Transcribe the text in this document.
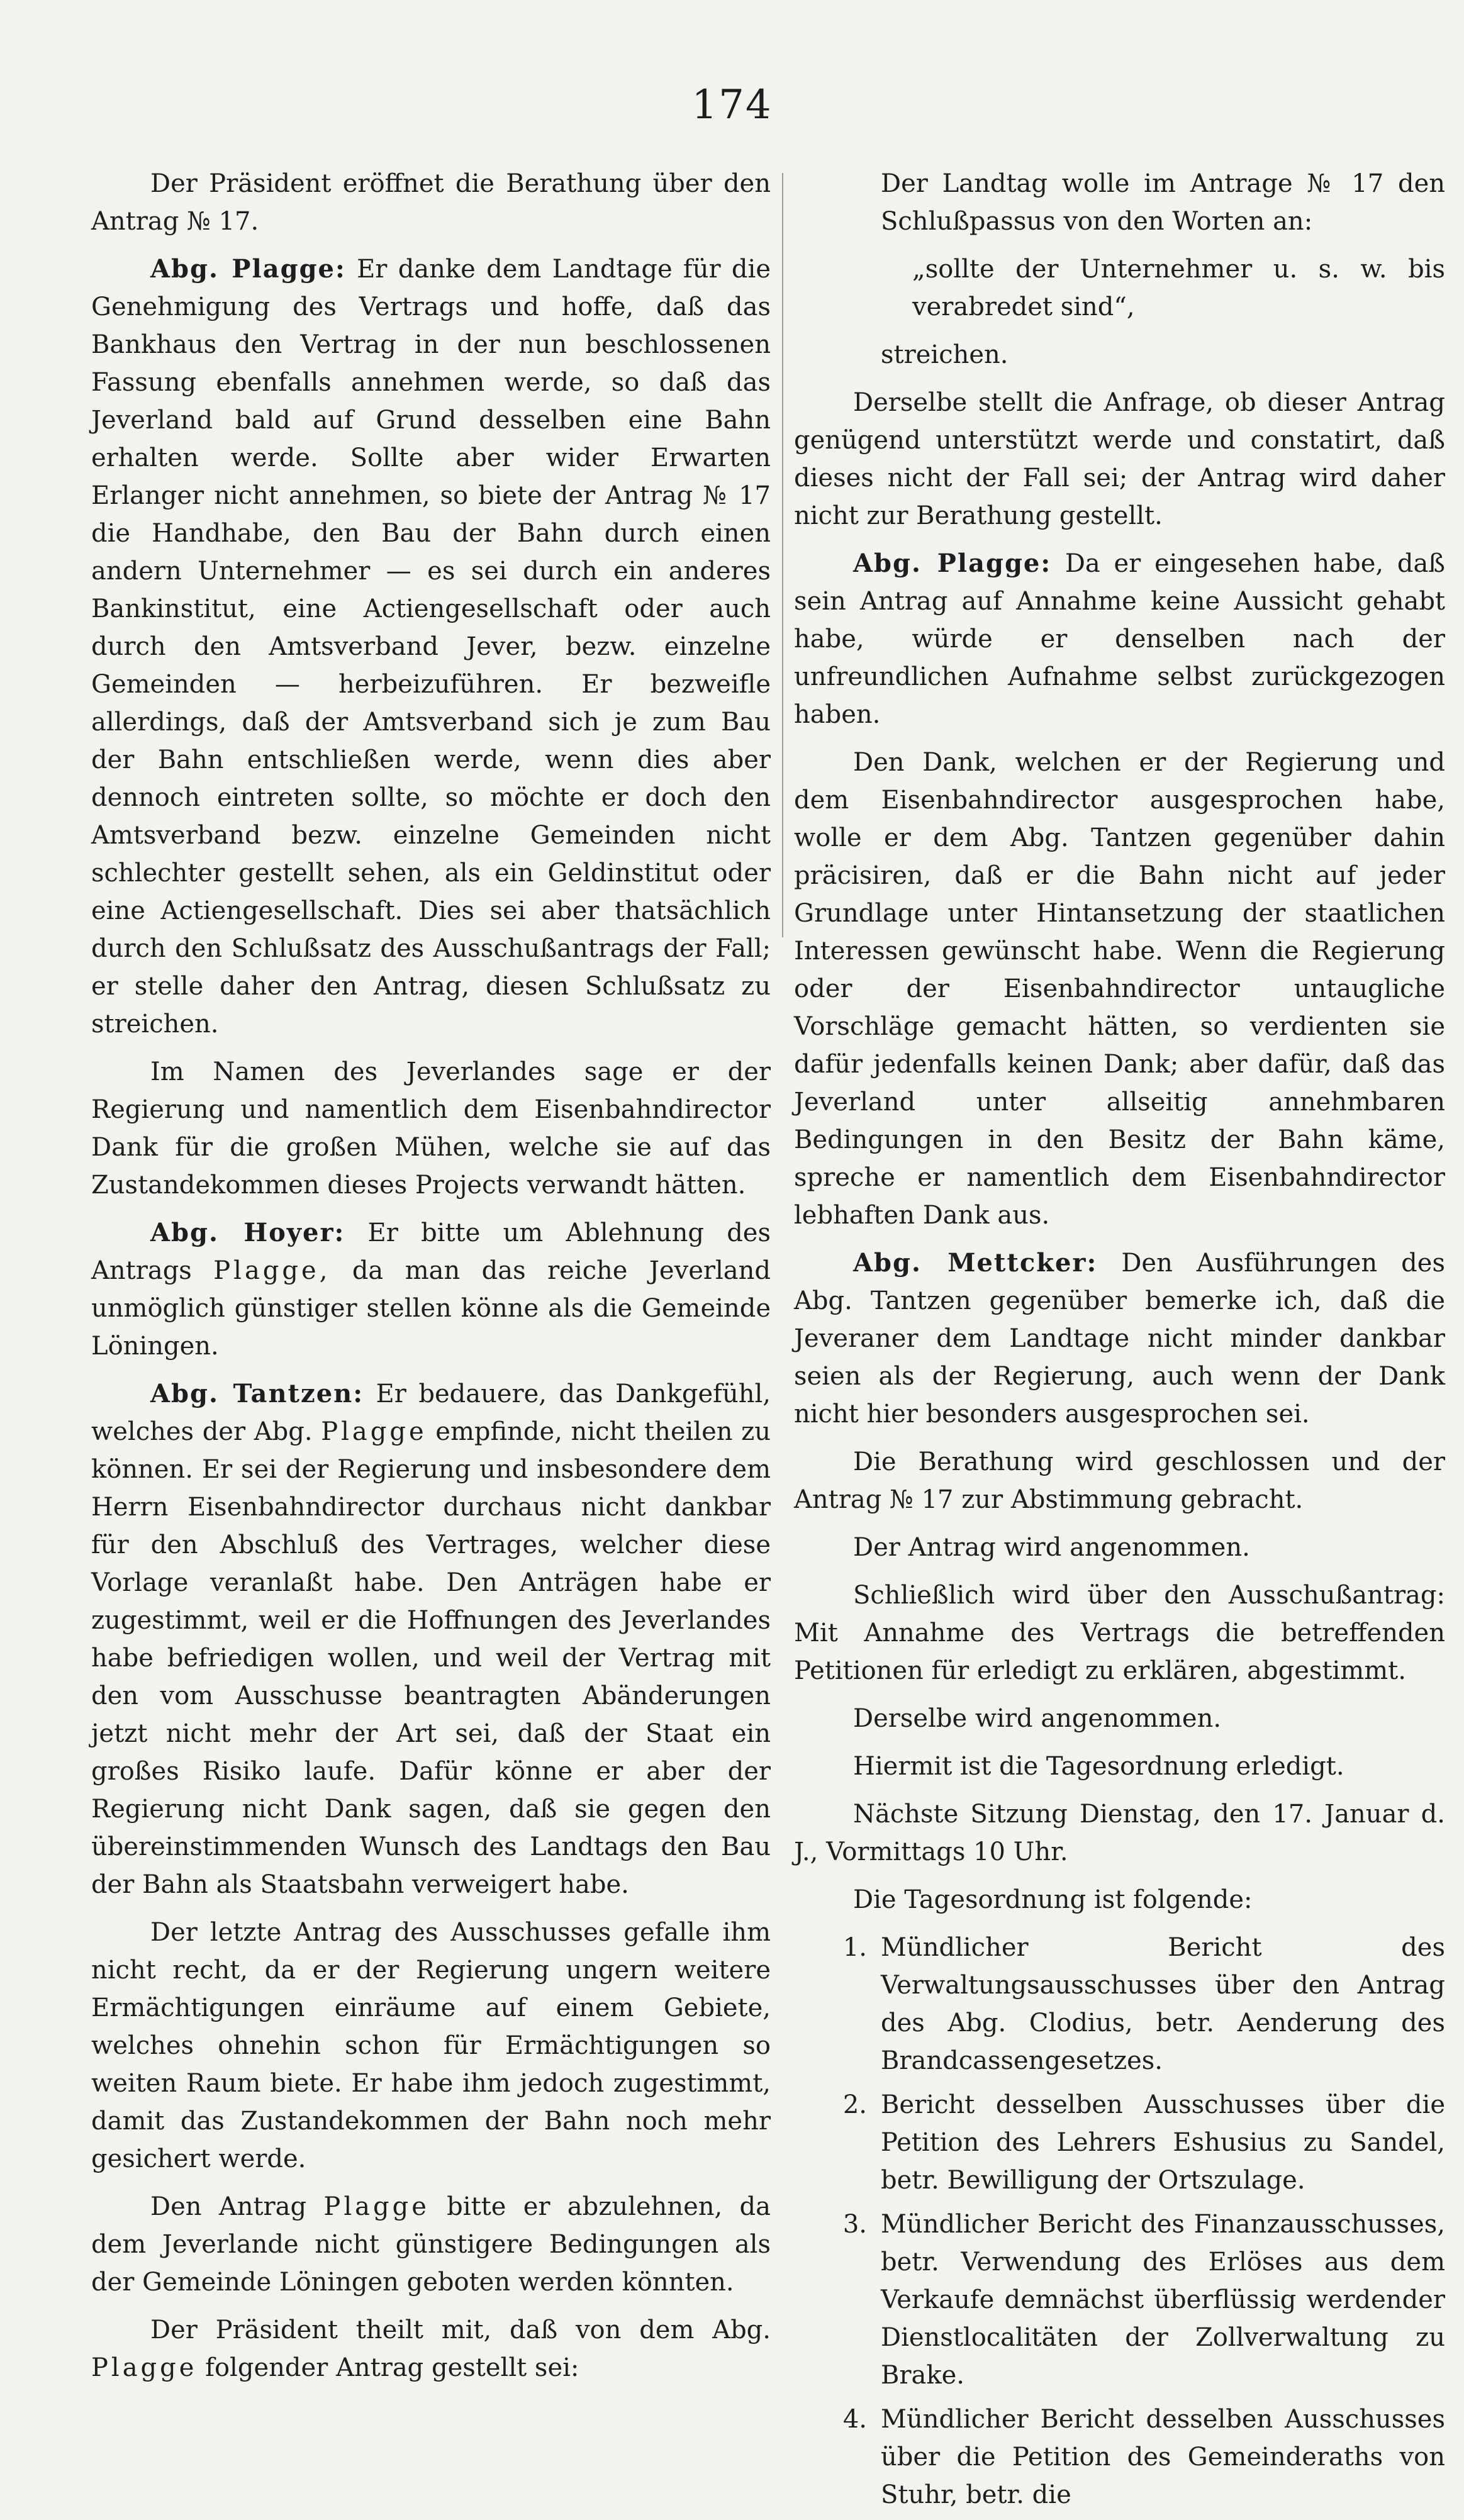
174

Der Präsident eröffnet die Berathung über den Antrag № 17.

Abg. Plagge: Er danke dem Landtage für die Genehmigung des Vertrags und hoffe, daß das Bankhaus den Vertrag in der nun beschlossenen Fassung ebenfalls annehmen werde, so daß das Jeverland bald auf Grund desselben eine Bahn erhalten werde. Sollte aber wider Erwarten Erlanger nicht annehmen, so biete der Antrag № 17 die Handhabe, den Bau der Bahn durch einen andern Unternehmer — es sei durch ein anderes Bankinstitut, eine Actiengesellschaft oder auch durch den Amtsverband Jever, bezw. einzelne Gemeinden — herbeizuführen. Er bezweifle allerdings, daß der Amtsverband sich je zum Bau der Bahn entschließen werde, wenn dies aber dennoch eintreten sollte, so möchte er doch den Amtsverband bezw. einzelne Gemeinden nicht schlechter gestellt sehen, als ein Geldinstitut oder eine Actiengesellschaft. Dies sei aber thatsächlich durch den Schlußsatz des Ausschußantrags der Fall; er stelle daher den Antrag, diesen Schlußsatz zu streichen.

Im Namen des Jeverlandes sage er der Regierung und namentlich dem Eisenbahndirector Dank für die großen Mühen, welche sie auf das Zustandekommen dieses Projects verwandt hätten.

Abg. Hoyer: Er bitte um Ablehnung des Antrags Plagge, da man das reiche Jeverland unmöglich günstiger stellen könne als die Gemeinde Löningen.

Abg. Tantzen: Er bedauere, das Dankgefühl, welches der Abg. Plagge empfinde, nicht theilen zu können. Er sei der Regierung und insbesondere dem Herrn Eisenbahndirector durchaus nicht dankbar für den Abschluß des Vertrages, welcher diese Vorlage veranlaßt habe. Den Anträgen habe er zugestimmt, weil er die Hoffnungen des Jeverlandes habe befriedigen wollen, und weil der Vertrag mit den vom Ausschusse beantragten Abänderungen jetzt nicht mehr der Art sei, daß der Staat ein großes Risiko laufe. Dafür könne er aber der Regierung nicht Dank sagen, daß sie gegen den übereinstimmenden Wunsch des Landtags den Bau der Bahn als Staatsbahn verweigert habe.

Der letzte Antrag des Ausschusses gefalle ihm nicht recht, da er der Regierung ungern weitere Ermächtigungen einräume auf einem Gebiete, welches ohnehin schon für Ermächtigungen so weiten Raum biete. Er habe ihm jedoch zugestimmt, damit das Zustandekommen der Bahn noch mehr gesichert werde.

Den Antrag Plagge bitte er abzulehnen, da dem Jeverlande nicht günstigere Bedingungen als der Gemeinde Löningen geboten werden könnten.

Der Präsident theilt mit, daß von dem Abg. Plagge folgender Antrag gestellt sei:

Der Landtag wolle im Antrage № 17 den Schlußpassus von den Worten an:

„sollte der Unternehmer u. s. w. bis verabredet sind“,

streichen.

Derselbe stellt die Anfrage, ob dieser Antrag genügend unterstützt werde und constatirt, daß dieses nicht der Fall sei; der Antrag wird daher nicht zur Berathung gestellt.

Abg. Plagge: Da er eingesehen habe, daß sein Antrag auf Annahme keine Aussicht gehabt habe, würde er denselben nach der unfreundlichen Aufnahme selbst zurückgezogen haben.

Den Dank, welchen er der Regierung und dem Eisenbahndirector ausgesprochen habe, wolle er dem Abg. Tantzen gegenüber dahin präcisiren, daß er die Bahn nicht auf jeder Grundlage unter Hintansetzung der staatlichen Interessen gewünscht habe. Wenn die Regierung oder der Eisenbahndirector untaugliche Vorschläge gemacht hätten, so verdienten sie dafür jedenfalls keinen Dank; aber dafür, daß das Jeverland unter allseitig annehmbaren Bedingungen in den Besitz der Bahn käme, spreche er namentlich dem Eisenbahndirector lebhaften Dank aus.

Abg. Mettcker: Den Ausführungen des Abg. Tantzen gegenüber bemerke ich, daß die Jeveraner dem Landtage nicht minder dankbar seien als der Regierung, auch wenn der Dank nicht hier besonders ausgesprochen sei.

Die Berathung wird geschlossen und der Antrag № 17 zur Abstimmung gebracht.

Der Antrag wird angenommen.

Schließlich wird über den Ausschußantrag: Mit Annahme des Vertrags die betreffenden Petitionen für erledigt zu erklären, abgestimmt.

Derselbe wird angenommen.

Hiermit ist die Tagesordnung erledigt.

Nächste Sitzung Dienstag, den 17. Januar d. J., Vormittags 10 Uhr.

Die Tagesordnung ist folgende:

1. Mündlicher Bericht des Verwaltungsausschusses über den Antrag des Abg. Clodius, betr. Aenderung des Brandcassengesetzes.
2. Bericht desselben Ausschusses über die Petition des Lehrers Eshusius zu Sandel, betr. Bewilligung der Ortszulage.
3. Mündlicher Bericht des Finanzausschusses, betr. Verwendung des Erlöses aus dem Verkaufe demnächst überflüssig werdender Dienstlocalitäten der Zollverwaltung zu Brake.
4. Mündlicher Bericht desselben Ausschusses über die Petition des Gemeinderaths von Stuhr, betr. die
